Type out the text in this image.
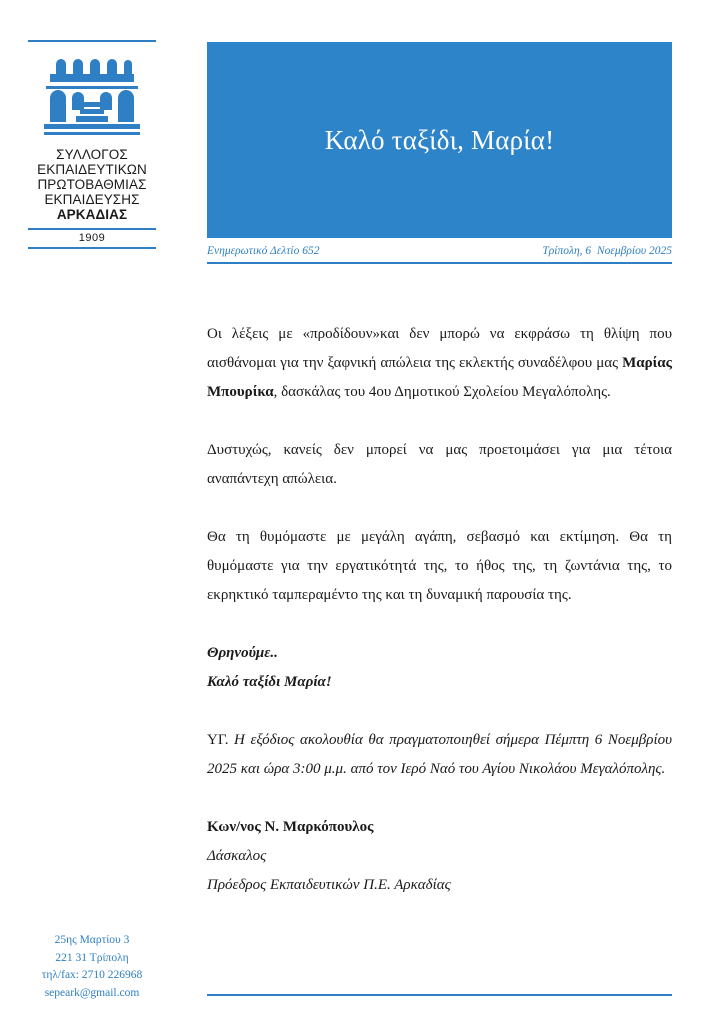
ΣΥΛΛΟΓΟΣ
ΕΚΠΑΙΔΕΥΤΙΚΩΝ
ΠΡΩΤΟΒΑΘΜΙΑΣ
ΕΚΠΑΙΔΕΥΣΗΣ
ΑΡΚΑΔΙΑΣ
1909
Καλό ταξίδι, Μαρία!
Ενημερωτικό Δελτίο 652	Τρίπολη, 6  Νοεμβρίου 2025

Οι λέξεις με «προδίδουν»και δεν μπορώ να εκφράσω τη θλίψη που αισθάνομαι για την ξαφνική απώλεια της εκλεκτής συναδέλφου μας Μαρίας Μπουρίκα, δασκάλας του 4ου Δημοτικού Σχολείου Μεγαλόπολης.

Δυστυχώς, κανείς δεν μπορεί να μας προετοιμάσει για μια τέτοια αναπάντεχη απώλεια.

Θα τη θυμόμαστε με μεγάλη αγάπη, σεβασμό και εκτίμηση. Θα τη θυμόμαστε για την εργατικότητά της, το ήθος της, τη ζωντάνια της, το εκρηκτικό ταμπεραμέντο της και τη δυναμική παρουσία της.

Θρηνούμε..

Καλό ταξίδι Μαρία!

ΥΓ. Η εξόδιος ακολουθία θα πραγματοποιηθεί σήμερα Πέμπτη 6 Νοεμβρίου 2025 και ώρα 3:00 μ.μ. από τον Ιερό Ναό του Αγίου Νικολάου Μεγαλόπολης.

Κων/νος Ν. Μαρκόπουλος

Δάσκαλος

Πρόεδρος Εκπαιδευτικών Π.Ε. Αρκαδίας

25ης Μαρτίου 3
221 31 Τρίπολη
τηλ/fax: 2710 226968
sepeark@gmail.com
